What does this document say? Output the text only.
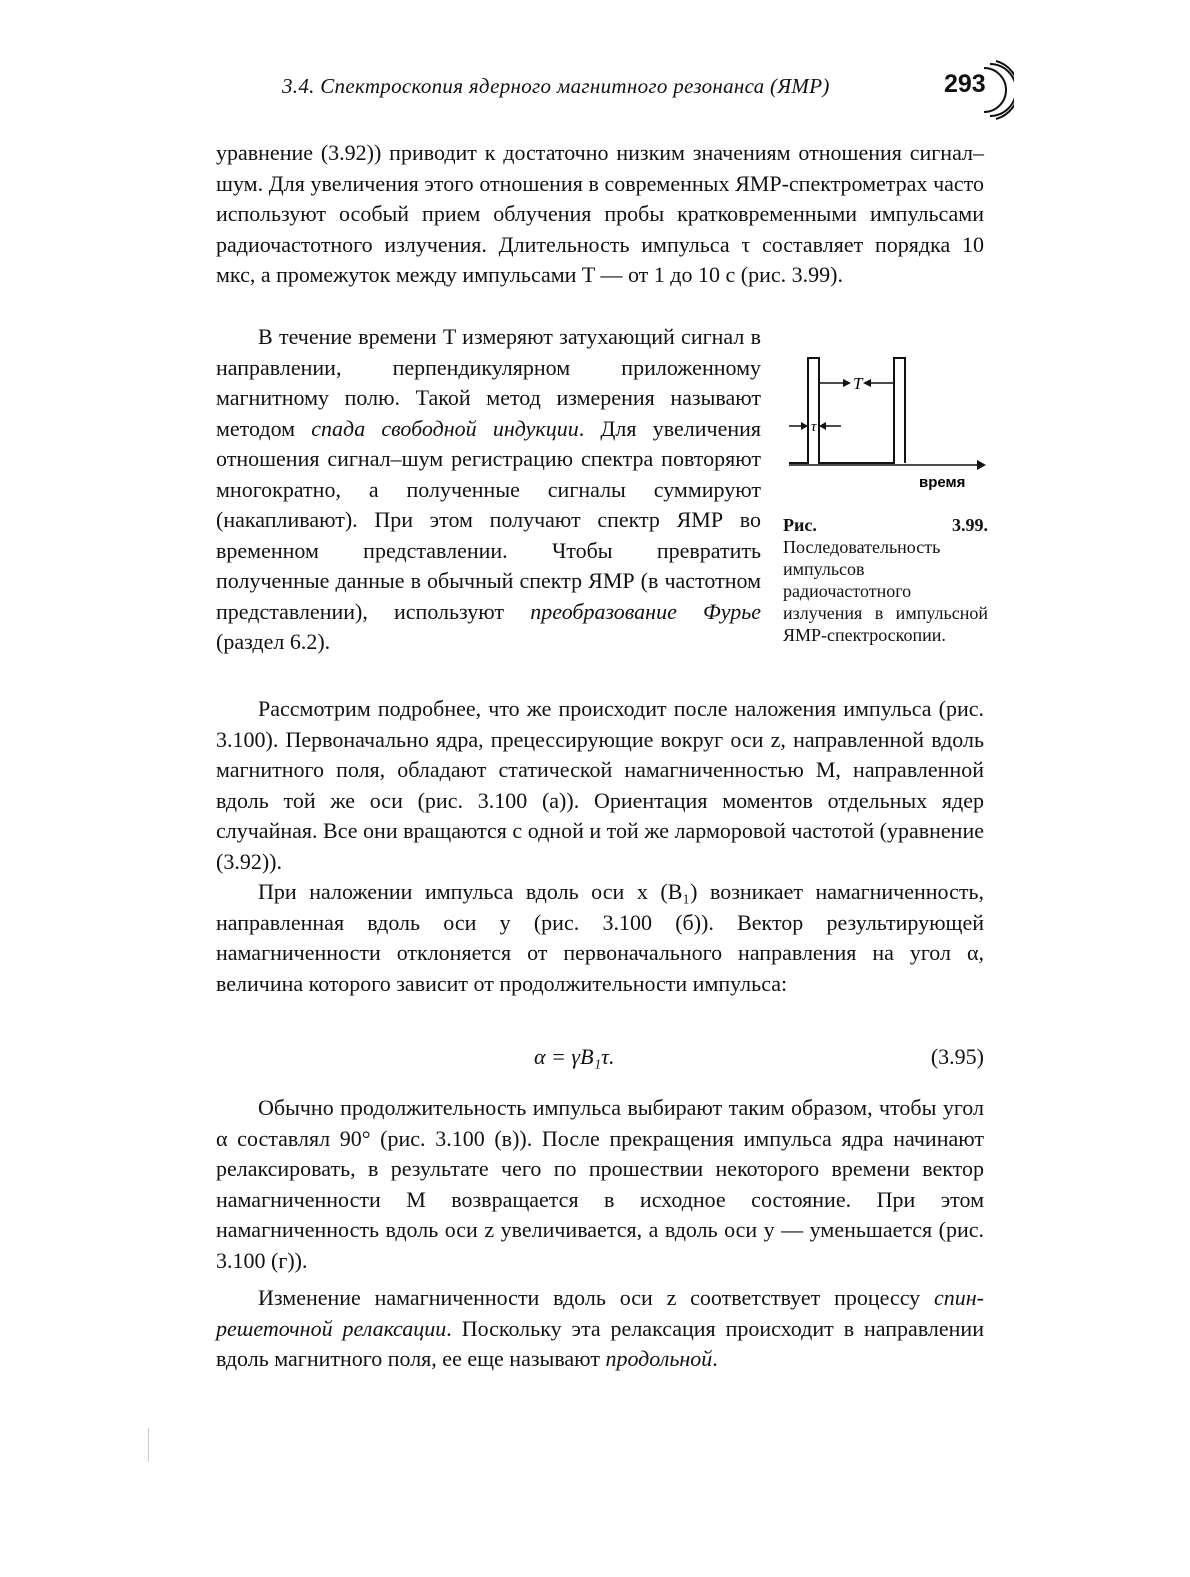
3.4. Спектроскопия ядерного магнитного резонанса (ЯМР)	293

уравнение (3.92)) приводит к достаточно низким значениям отношения сигнал–шум. Для увеличения этого отношения в современных ЯМР-спектрометрах часто используют особый прием облучения пробы кратковременными импульсами радиочастотного излучения. Длительность импульса τ составляет порядка 10 мкс, а промежуток между импульсами T — от 1 до 10 с (рис. 3.99).

В течение времени T измеряют затухающий сигнал в направлении, перпендикулярном приложенному магнитному полю. Такой метод измерения называют методом спада свободной индукции. Для увеличения отношения сигнал–шум регистрацию спектра повторяют многократно, а полученные сигналы суммируют (накапливают). При этом получают спектр ЯМР во временном представлении. Чтобы превратить полученные данные в обычный спектр ЯМР (в частотном представлении), используют преобразование Фурье (раздел 6.2).

T
τ
время
Рис. 3.99. Последовательность импульсов радиочастотного излучения в импульсной ЯМР-спектроскопии.

Рассмотрим подробнее, что же происходит после наложения импульса (рис. 3.100). Первоначально ядра, прецессирующие вокруг оси z, направленной вдоль магнитного поля, обладают статической намагниченностью M, направленной вдоль той же оси (рис. 3.100 (а)). Ориентация моментов отдельных ядер случайная. Все они вращаются с одной и той же ларморовой частотой (уравнение (3.92)).

При наложении импульса вдоль оси x (B₁) возникает намагниченность, направленная вдоль оси y (рис. 3.100 (б)). Вектор результирующей намагниченности отклоняется от первоначального направления на угол α, величина которого зависит от продолжительности импульса:

α = γB₁τ.	(3.95)

Обычно продолжительность импульса выбирают таким образом, чтобы угол α составлял 90° (рис. 3.100 (в)). После прекращения импульса ядра начинают релаксировать, в результате чего по прошествии некоторого времени вектор намагниченности M возвращается в исходное состояние. При этом намагниченность вдоль оси z увеличивается, а вдоль оси y — уменьшается (рис. 3.100 (г)).

Изменение намагниченности вдоль оси z соответствует процессу спин-решеточной релаксации. Поскольку эта релаксация происходит в направлении вдоль магнитного поля, ее еще называют продольной.
